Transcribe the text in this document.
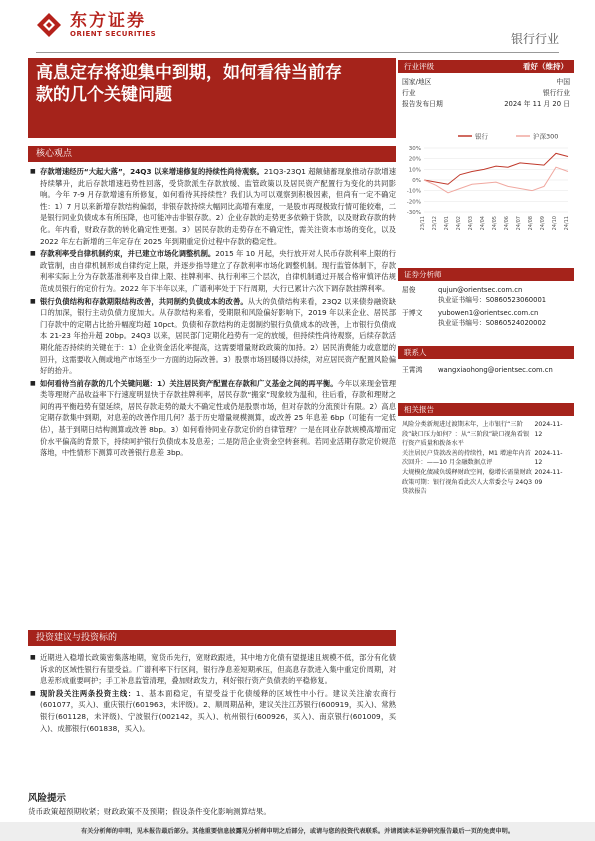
东方证券
ORIENT SECURITIES	银行行业
高息定存将迎集中到期，如何看待当前存
款的几个关键问题
核心观点
■ 存款增速经历“大起大落”，24Q3 以来增速修复的持续性尚待观察。21Q3-23Q1 超额储蓄现象推动存款增速持续攀升，此后存款增速趋势性回落，受贷款派生存款放缓、监管政策以及居民资产配置行为变化的共同影响。今年 7-9 月存款增速有所修复，如何看待其持续性？我们认为可以观察到积极因素，但尚有一定不确定性：1）7 月以来新增存款结构偏弱，非银存款持续大幅同比高增有难度，一是股市再现极致行情可能较难，二是银行同业负债成本有所压降，也可能冲击非银存款。2）企业存款的走势更多依赖于贷款，以及财政存款的转化。年内看，财政存款的转化确定性更强。3）居民存款的走势存在不确定性，需关注资本市场的变化，以及 2022 年左右新增的三年定存在 2025 年到期重定价过程中存款的稳定性。
■ 存款利率受自律机制约束，并已建立市场化调整机制。2015 年 10 月起，央行放开对人民币存款利率上限的行政管制，由自律机制形成自律约定上限，并逐步指导建立了存款利率市场化调整机制。现行监管体制下，存款利率实际上分为存款基准利率及自律上限、挂牌利率、执行利率三个层次，自律机制通过开展合格审慎评估规范成员银行的定价行为。2022 年下半年以来，广谱利率处于下行周期，大行已累计六次下调存款挂牌利率。
■ 银行负债结构和存款期限结构改善，共同制约负债成本的改善。从大的负债结构来看，23Q2 以来债券融资缺口的加深，银行主动负债力度加大。从存款结构来看，受期限和风险偏好影响下，2019 年以来企业、居民部门存款中的定期占比抬升幅度均超 10pct。负债和存款结构的走弱制约银行负债成本的改善，上市银行负债成本 21-23 年抬升超 20bp。24Q3 以来，居民部门定期化趋势有一定的放缓，但持续性尚待观察，后续存款活期化能否持续的关键在于：1）企业资金活化率提高，这需要增量财政政策的加持。2）居民消费能力或意愿的回升，这需要收入侧或地产市场至少一方面的边际改善。3）股票市场回暖得以持续，对应居民资产配置风险偏好的抬升。
■ 如何看待当前存款的几个关键问题：1）关注居民资产配置在存款和广义基金之间的再平衡。今年以来现金管理类等理财产品收益率下行速度明显快于存款挂牌利率，居民存款“搬家”现象较为温和，往后看，存款和理财之间的再平衡趋势有望延续，居民存款走势的最大不确定性或仍是股票市场，但对存款的分流预计有限。2）高息定期存款集中到期，对息差的改善作用几何？基于历史增量规模测算，或改善 25 年息差 6bp（可能有一定低估），基于到期日结构测算或改善 8bp。3）如何看待同业存款定价的自律管理？一是在同业存款规模高增而定价水平偏高的背景下，持续呵护银行负债成本及息差；二是防范企业资金空转套利。若同业活期存款定价规范落地，中性情形下测算可改善银行息差 3bp。
投资建议与投资标的
■ 近期进入稳增长政策密集落地期，宽货币先行，宽财政跟进，其中地方化债有望提速且规模不低，部分有化债诉求的区域性银行有望受益。广谱利率下行区间，银行净息差短期承压，但高息存款进入集中重定价周期，对息差形成重要呵护；手工补息监管清理，叠加财政发力，利好银行资产负债表的平稳修复。
■ 现阶段关注两条投资主线：1、基本面稳定，有望受益于化债缓释的区域性中小行。建议关注渝农商行(601077，买入)、重庆银行(601963，未评级)。2、顺周期品种，建议关注江苏银行(600919，买入)、常熟银行(601128，未评级)、宁波银行(002142，买入)、杭州银行(600926，买入)、南京银行(601009，买入)、成都银行(601838，买入)。
风险提示
货币政策超预期收紧；财政政策不及预期；假设条件变化影响测算结果。
行业评级	看好（维持）
国家/地区	中国
行业	银行行业
报告发布日期	2024 年 11 月 20 日
银行	沪深300
30%
20%
10%
0%
-10%
-20%
-30%
23/11 23/12 24/01 24/02 24/03 24/04 24/05 24/06 24/07 24/08 24/09 24/10 24/11
证券分析师
屈俊	qujun@orientsec.com.cn
执业证书编号：S0860523060001
于博文	yubowen1@orientsec.com.cn
执业证书编号：S0860524020002
联系人
王霄鸿	wangxiaohong@orientsec.com.cn
相关报告
风险分类新规进过渡期末年，上市银行“三阶段”缺口压力如何？：从“三阶段”缺口视角看银行资产质量和拨备水平
2024-11-12
关注居民户贷款改善的持续性，M1 增速年内首次回升：——10 月金融数据点评
2024-11-12
大规模化债减负缓释财政空间，稳增长需量财政政策可期：银行视角看此次人大常委会与 24Q3 贷款报告
2024-11-09
有关分析师的申明，见本报告最后部分。其他重要信息披露见分析师申明之后部分，或请与您的投资代表联系。并请阅读本证券研究报告最后一页的免责申明。
